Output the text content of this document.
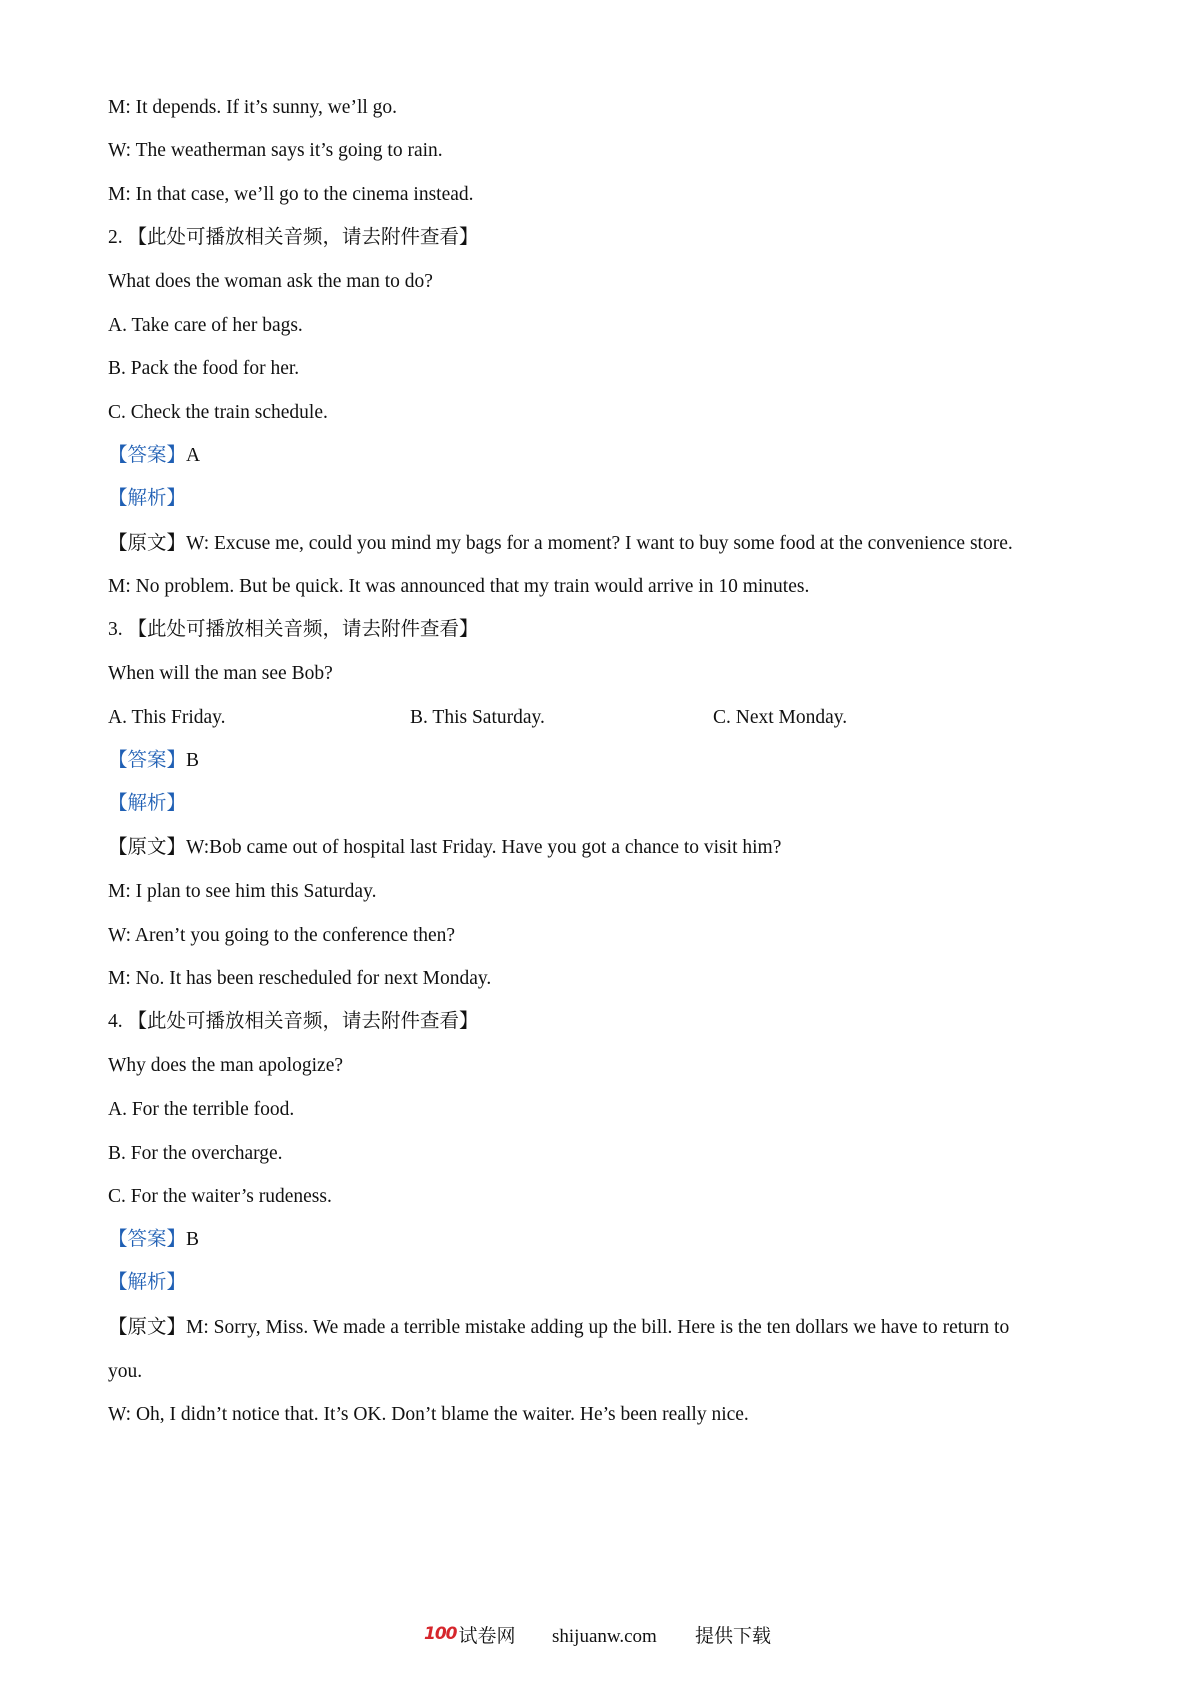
M: It depends. If it’s sunny, we’ll go.
W: The weatherman says it’s going to rain.
M: In that case, we’ll go to the cinema instead.
2. 【此处可播放相关音频，请去附件查看】
What does the woman ask the man to do?
A. Take care of her bags.
B. Pack the food for her.
C. Check the train schedule.
【答案】A
【解析】
【原文】W: Excuse me, could you mind my bags for a moment? I want to buy some food at the convenience store.
M: No problem. But be quick. It was announced that my train would arrive in 10 minutes.
3. 【此处可播放相关音频，请去附件查看】
When will the man see Bob?
A. This Friday.	B. This Saturday.	C. Next Monday.
【答案】B
【解析】
【原文】W:Bob came out of hospital last Friday. Have you got a chance to visit him?
M: I plan to see him this Saturday.
W: Aren’t you going to the conference then?
M: No. It has been rescheduled for next Monday.
4. 【此处可播放相关音频，请去附件查看】
Why does the man apologize?
A. For the terrible food.
B. For the overcharge.
C. For the waiter’s rudeness.
【答案】B
【解析】
【原文】M: Sorry, Miss. We made a terrible mistake adding up the bill. Here is the ten dollars we have to return to
you.
W: Oh, I didn’t notice that. It’s OK. Don’t blame the waiter. He’s been really nice.
100 试卷网 shijuanw.com 提供下载
